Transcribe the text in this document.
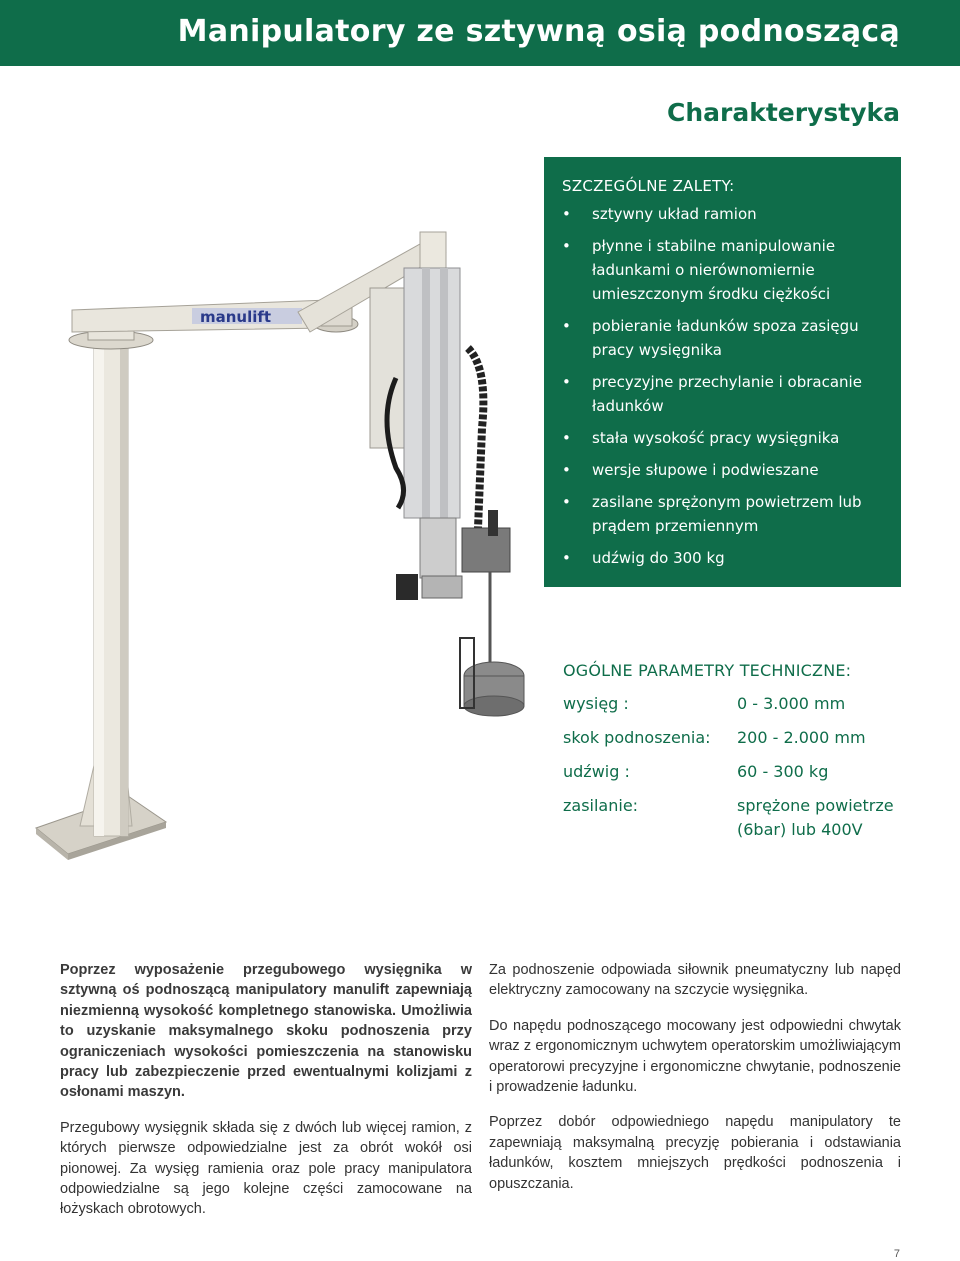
Manipulatory ze sztywną osią podnoszącą
Charakterystyka
manulift
SZCZEGÓLNE ZALETY:
• sztywny układ ramion
• płynne i stabilne manipulowanie ładunkami o nierównomiernie umieszczonym środku ciężkości
• pobieranie ładunków spoza zasięgu pracy wysięgnika
• precyzyjne przechylanie i obracanie ładunków
• stała wysokość pracy wysięgnika
• wersje słupowe i podwieszane
• zasilane sprężonym powietrzem lub prądem przemiennym
• udźwig do 300 kg
OGÓLNE PARAMETRY TECHNICZNE:
wysięg :	0 - 3.000 mm
skok podnoszenia:	200 - 2.000 mm
udźwig :	60 - 300 kg
zasilanie:	sprężone powietrze (6bar) lub 400V

Poprzez wyposażenie przegubowego wysięgnika w sztywną oś podnoszącą manipulatory manulift zapewniają niezmienną wysokość kompletnego stanowiska. Umożliwia to uzyskanie maksymalnego skoku podnoszenia przy ograniczeniach wysokości pomieszczenia na stanowisku pracy lub zabezpieczenie przed ewentualnymi kolizjami z osłonami maszyn.

Przegubowy wysięgnik składa się z dwóch lub więcej ramion, z których pierwsze odpowiedzialne jest za obrót wokół osi pionowej. Za wysięg ramienia oraz pole pracy manipulatora odpowiedzialne są jego kolejne części zamocowane na łożyskach obrotowych.

Za podnoszenie odpowiada siłownik pneumatyczny lub napęd elektryczny zamocowany na szczycie wysięgnika.

Do napędu podnoszącego mocowany jest odpowiedni chwytak wraz z ergonomicznym uchwytem operatorskim umożliwiającym operatorowi precyzyjne i ergonomiczne chwytanie, podnoszenie i prowadzenie ładunku.

Poprzez dobór odpowiedniego napędu manipulatory te zapewniają maksymalną precyzję pobierania i odstawiania ładunków, kosztem mniejszych prędkości podnoszenia i opuszczania.

7
